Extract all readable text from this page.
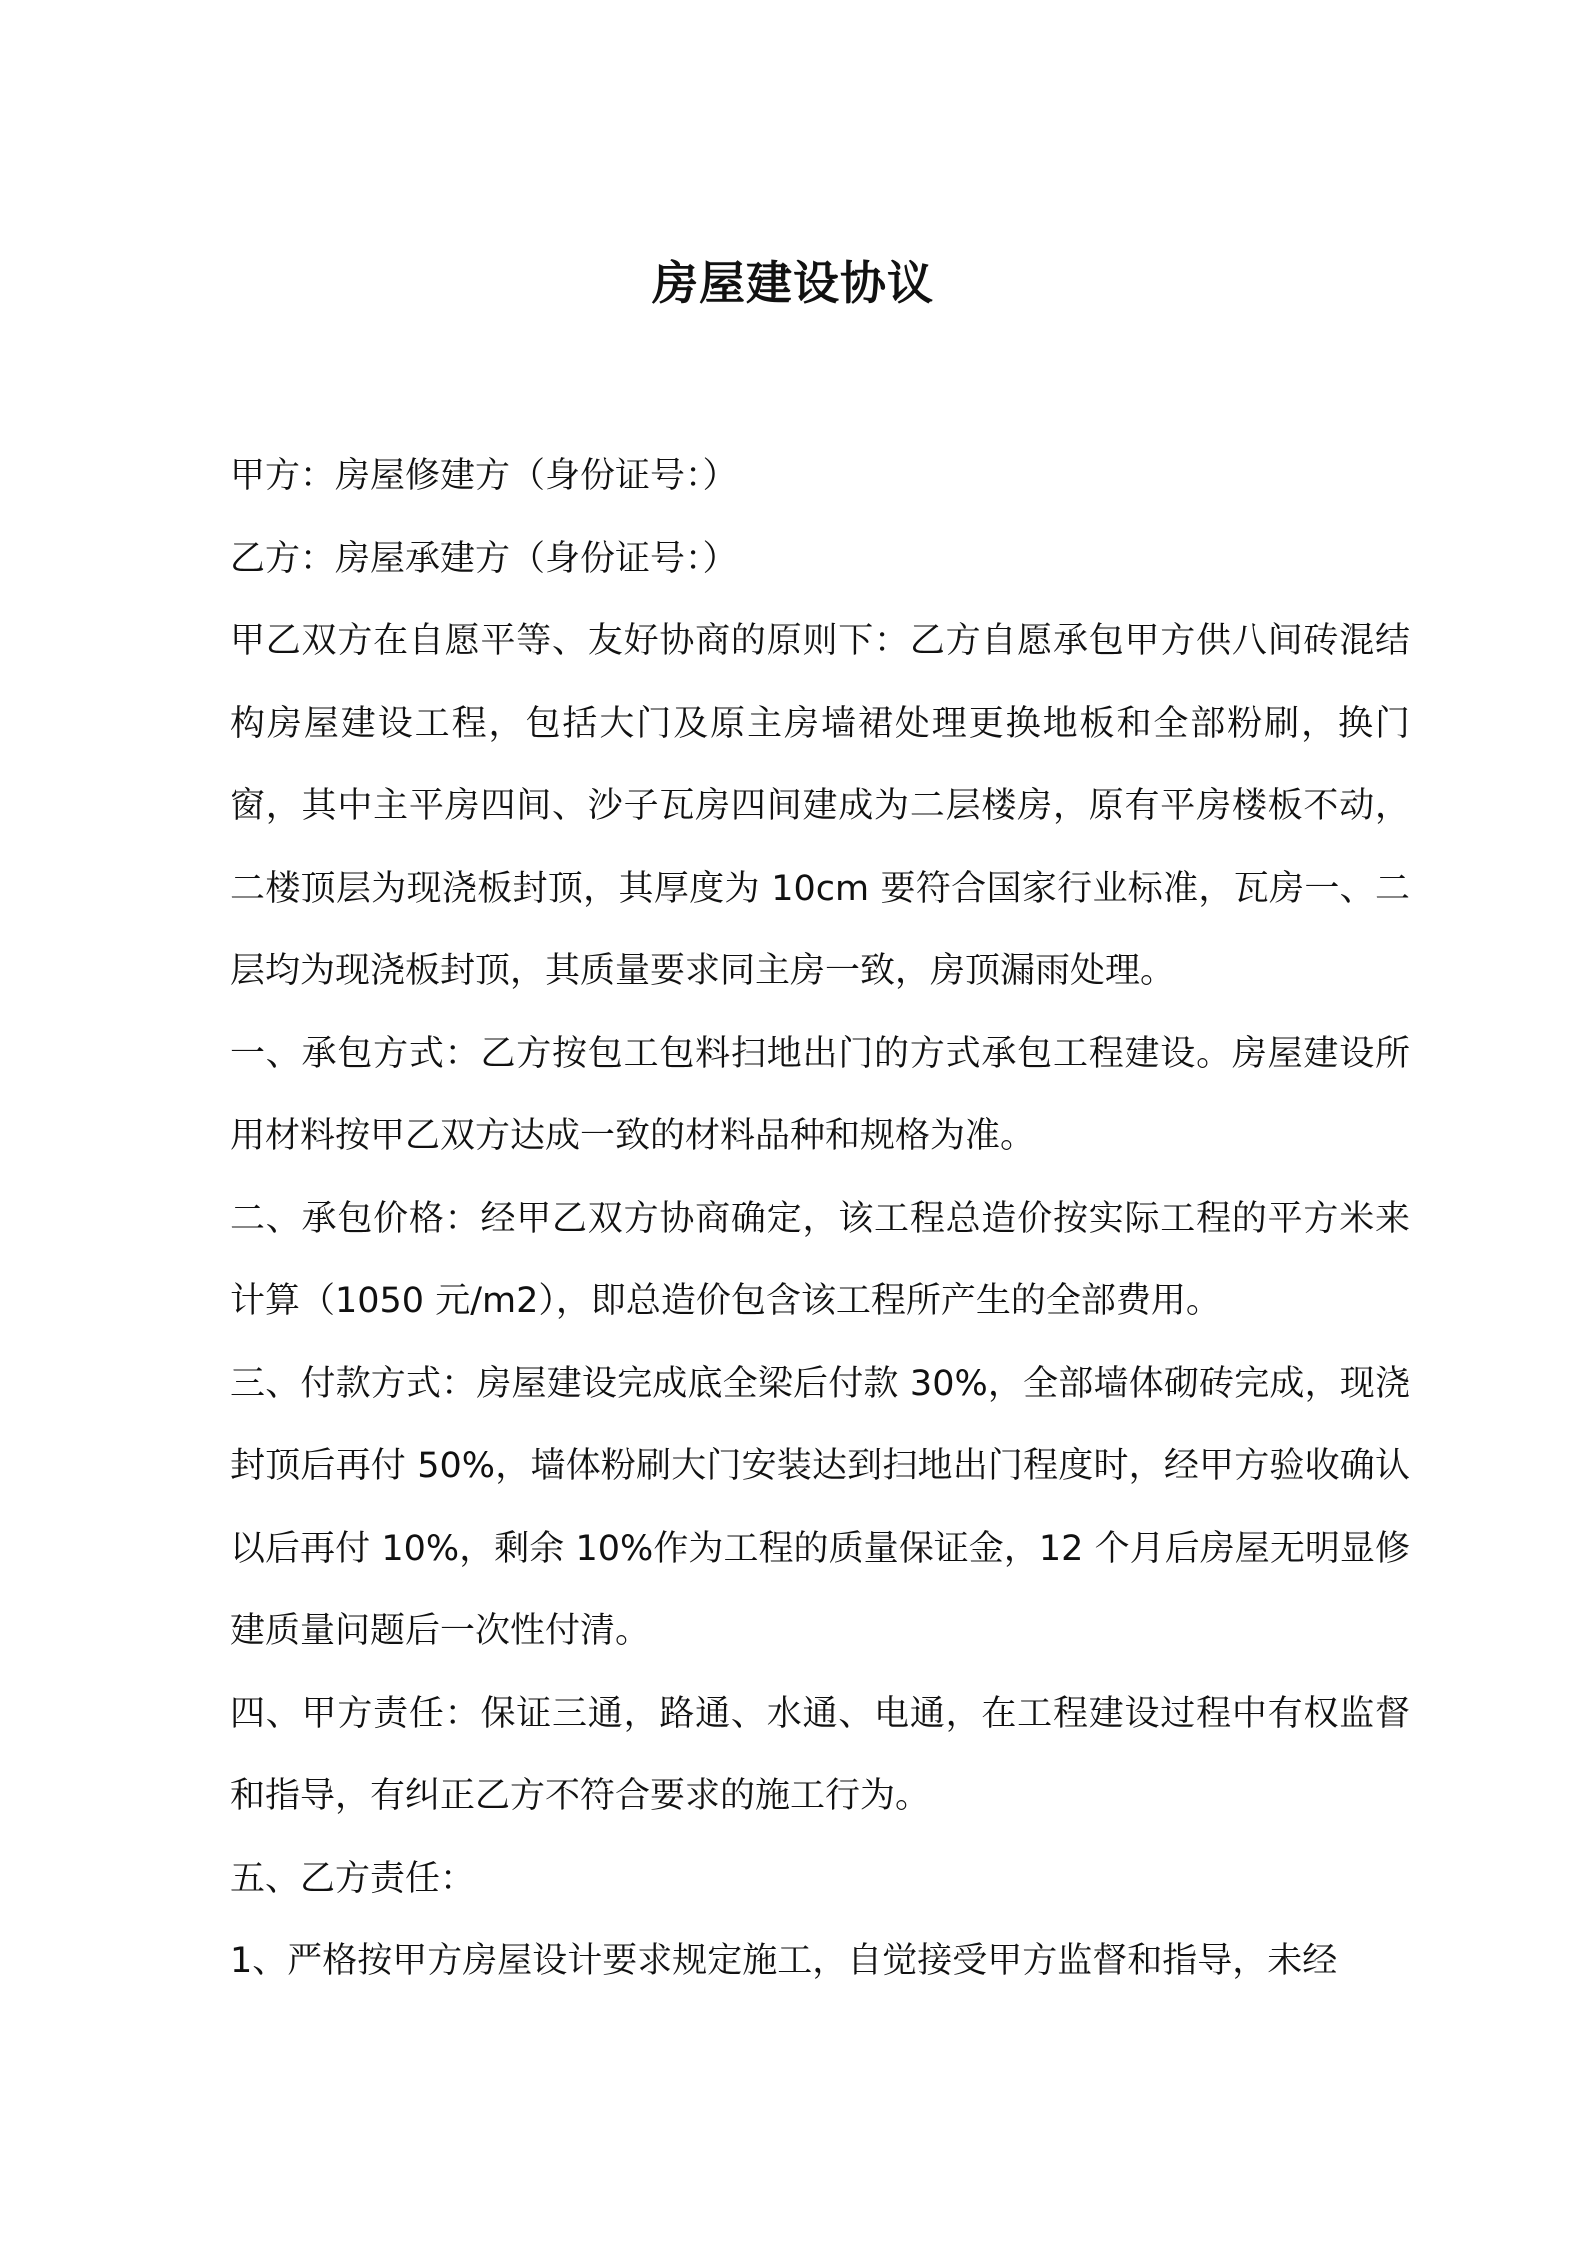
房屋建设协议

甲方：房屋修建方（身份证号：）

乙方：房屋承建方（身份证号：）

甲乙双方在自愿平等、友好协商的原则下：乙方自愿承包甲方供八间砖混结构房屋建设工程，包括大门及原主房墙裙处理更换地板和全部粉刷，换门窗，其中主平房四间、沙子瓦房四间建成为二层楼房，原有平房楼板不动，二楼顶层为现浇板封顶，其厚度为 10cm 要符合国家行业标准，瓦房一、二层均为现浇板封顶，其质量要求同主房一致，房顶漏雨处理。

一、承包方式：乙方按包工包料扫地出门的方式承包工程建设。房屋建设所用材料按甲乙双方达成一致的材料品种和规格为准。

二、承包价格：经甲乙双方协商确定，该工程总造价按实际工程的平方米来计算（1050 元/m2），即总造价包含该工程所产生的全部费用。

三、付款方式：房屋建设完成底全梁后付款 30%，全部墙体砌砖完成，现浇封顶后再付 50%，墙体粉刷大门安装达到扫地出门程度时，经甲方验收确认以后再付 10%，剩余 10%作为工程的质量保证金，12 个月后房屋无明显修建质量问题后一次性付清。

四、甲方责任：保证三通，路通、水通、电通，在工程建设过程中有权监督和指导，有纠正乙方不符合要求的施工行为。

五、乙方责任：

1、严格按甲方房屋设计要求规定施工，自觉接受甲方监督和指导，未经
